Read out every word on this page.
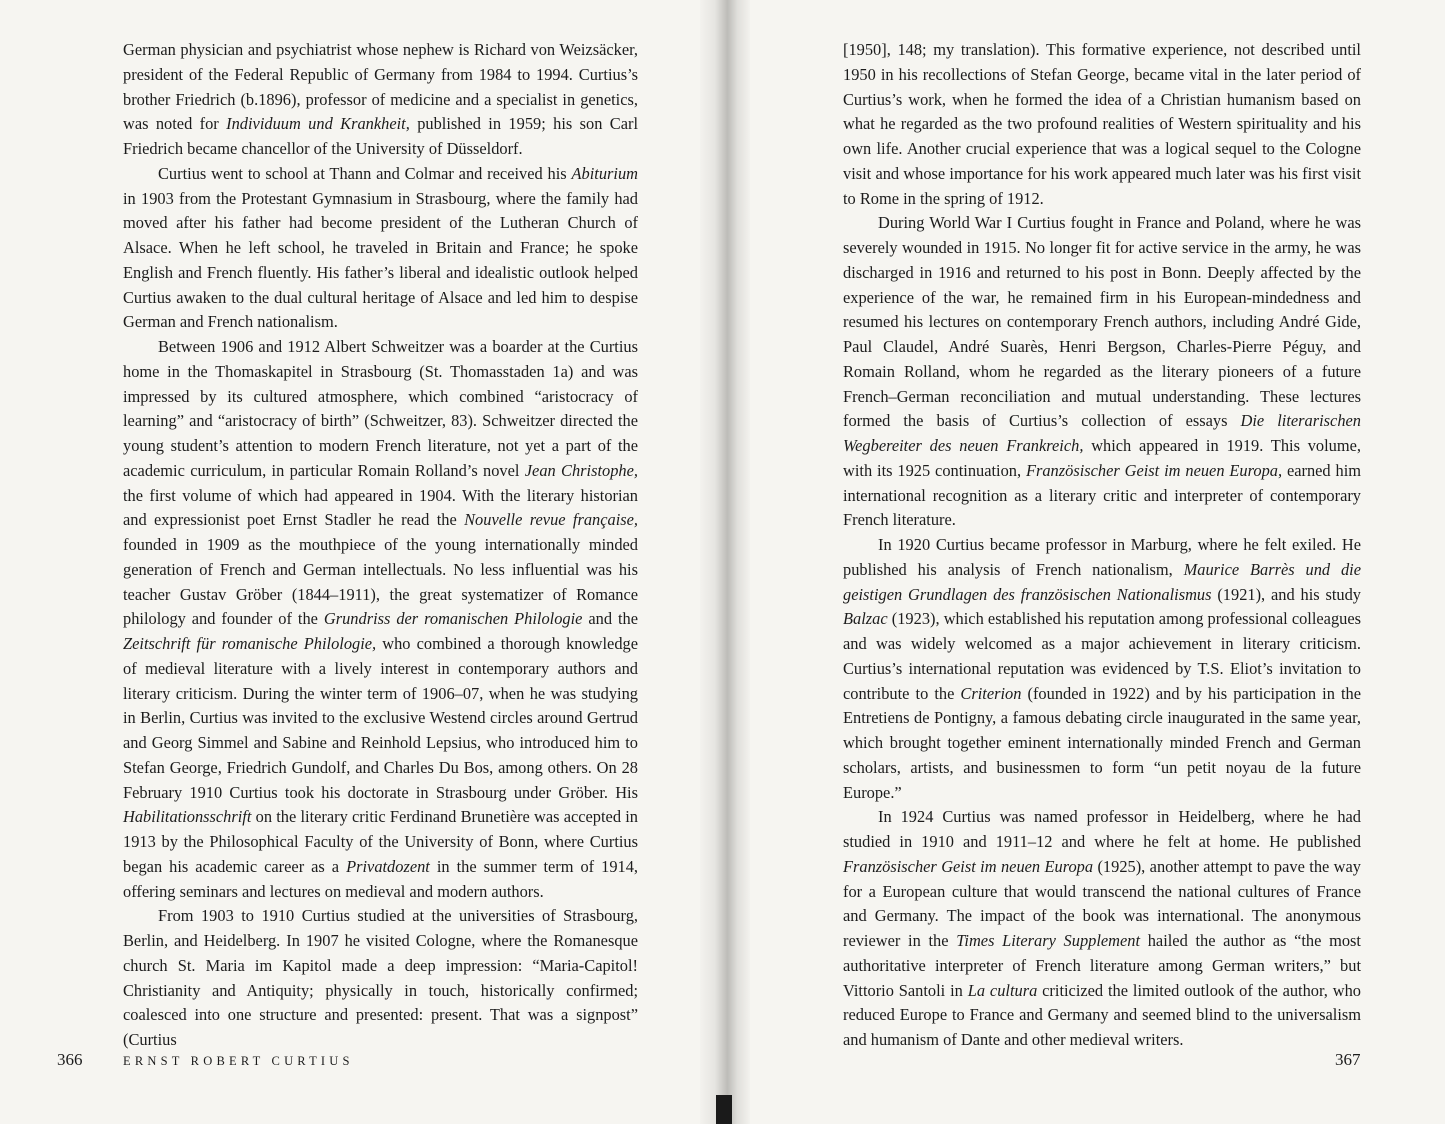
German physician and psychiatrist whose nephew is Richard von Weizsäcker, president of the Federal Republic of Germany from 1984 to 1994. Curtius’s brother Friedrich (b.1896), professor of medicine and a specialist in genetics, was noted for Individuum und Krankheit, published in 1959; his son Carl Friedrich became chancellor of the University of Düsseldorf.

Curtius went to school at Thann and Colmar and received his Abiturium in 1903 from the Protestant Gymnasium in Strasbourg, where the family had moved after his father had become president of the Lutheran Church of Alsace. When he left school, he traveled in Britain and France; he spoke English and French fluently. His father’s liberal and idealistic outlook helped Curtius awaken to the dual cultural heritage of Alsace and led him to despise German and French nationalism.

Between 1906 and 1912 Albert Schweitzer was a boarder at the Curtius home in the Thomaskapitel in Strasbourg (St. Thomasstaden 1a) and was impressed by its cultured atmosphere, which combined “aristocracy of learning” and “aristocracy of birth” (Schweitzer, 83). Schweitzer directed the young student’s attention to modern French literature, not yet a part of the academic curriculum, in particular Romain Rolland’s novel Jean Christophe, the first volume of which had appeared in 1904. With the literary historian and expressionist poet Ernst Stadler he read the Nouvelle revue française, founded in 1909 as the mouthpiece of the young internationally minded generation of French and German intellectuals. No less influential was his teacher Gustav Gröber (1844–1911), the great systematizer of Romance philology and founder of the Grundriss der romanischen Philologie and the Zeitschrift für romanische Philologie, who combined a thorough knowledge of medieval literature with a lively interest in contemporary authors and literary criticism. During the winter term of 1906–07, when he was studying in Berlin, Curtius was invited to the exclusive Westend circles around Gertrud and Georg Simmel and Sabine and Reinhold Lepsius, who introduced him to Stefan George, Friedrich Gundolf, and Charles Du Bos, among others. On 28 February 1910 Curtius took his doctorate in Strasbourg under Gröber. His Habilitationsschrift on the literary critic Ferdinand Brunetière was accepted in 1913 by the Philosophical Faculty of the University of Bonn, where Curtius began his academic career as a Privatdozent in the summer term of 1914, offering seminars and lectures on medieval and modern authors.

From 1903 to 1910 Curtius studied at the universities of Strasbourg, Berlin, and Heidelberg. In 1907 he visited Cologne, where the Romanesque church St. Maria im Kapitol made a deep impression: “Maria-Capitol! Christianity and Antiquity; physically in touch, historically confirmed; coalesced into one structure and presented: present. That was a signpost” (Curtius

366	ERNST ROBERT CURTIUS

[1950], 148; my translation). This formative experience, not described until 1950 in his recollections of Stefan George, became vital in the later period of Curtius’s work, when he formed the idea of a Christian humanism based on what he regarded as the two profound realities of Western spirituality and his own life. Another crucial experience that was a logical sequel to the Cologne visit and whose importance for his work appeared much later was his first visit to Rome in the spring of 1912.

During World War I Curtius fought in France and Poland, where he was severely wounded in 1915. No longer fit for active service in the army, he was discharged in 1916 and returned to his post in Bonn. Deeply affected by the experience of the war, he remained firm in his European-mindedness and resumed his lectures on contemporary French authors, including André Gide, Paul Claudel, André Suarès, Henri Bergson, Charles-Pierre Péguy, and Romain Rolland, whom he regarded as the literary pioneers of a future French–German reconciliation and mutual understanding. These lectures formed the basis of Curtius’s collection of essays Die literarischen Wegbereiter des neuen Frankreich, which appeared in 1919. This volume, with its 1925 continuation, Französischer Geist im neuen Europa, earned him international recognition as a literary critic and interpreter of contemporary French literature.

In 1920 Curtius became professor in Marburg, where he felt exiled. He published his analysis of French nationalism, Maurice Barrès und die geistigen Grundlagen des französischen Nationalismus (1921), and his study Balzac (1923), which established his reputation among professional colleagues and was widely welcomed as a major achievement in literary criticism. Curtius’s international reputation was evidenced by T.S. Eliot’s invitation to contribute to the Criterion (founded in 1922) and by his participation in the Entretiens de Pontigny, a famous debating circle inaugurated in the same year, which brought together eminent internationally minded French and German scholars, artists, and businessmen to form “un petit noyau de la future Europe.”

In 1924 Curtius was named professor in Heidelberg, where he had studied in 1910 and 1911–12 and where he felt at home. He published Französischer Geist im neuen Europa (1925), another attempt to pave the way for a European culture that would transcend the national cultures of France and Germany. The impact of the book was international. The anonymous reviewer in the Times Literary Supplement hailed the author as “the most authoritative interpreter of French literature among German writers,” but Vittorio Santoli in La cultura criticized the limited outlook of the author, who reduced Europe to France and Germany and seemed blind to the universalism and humanism of Dante and other medieval writers.

367
